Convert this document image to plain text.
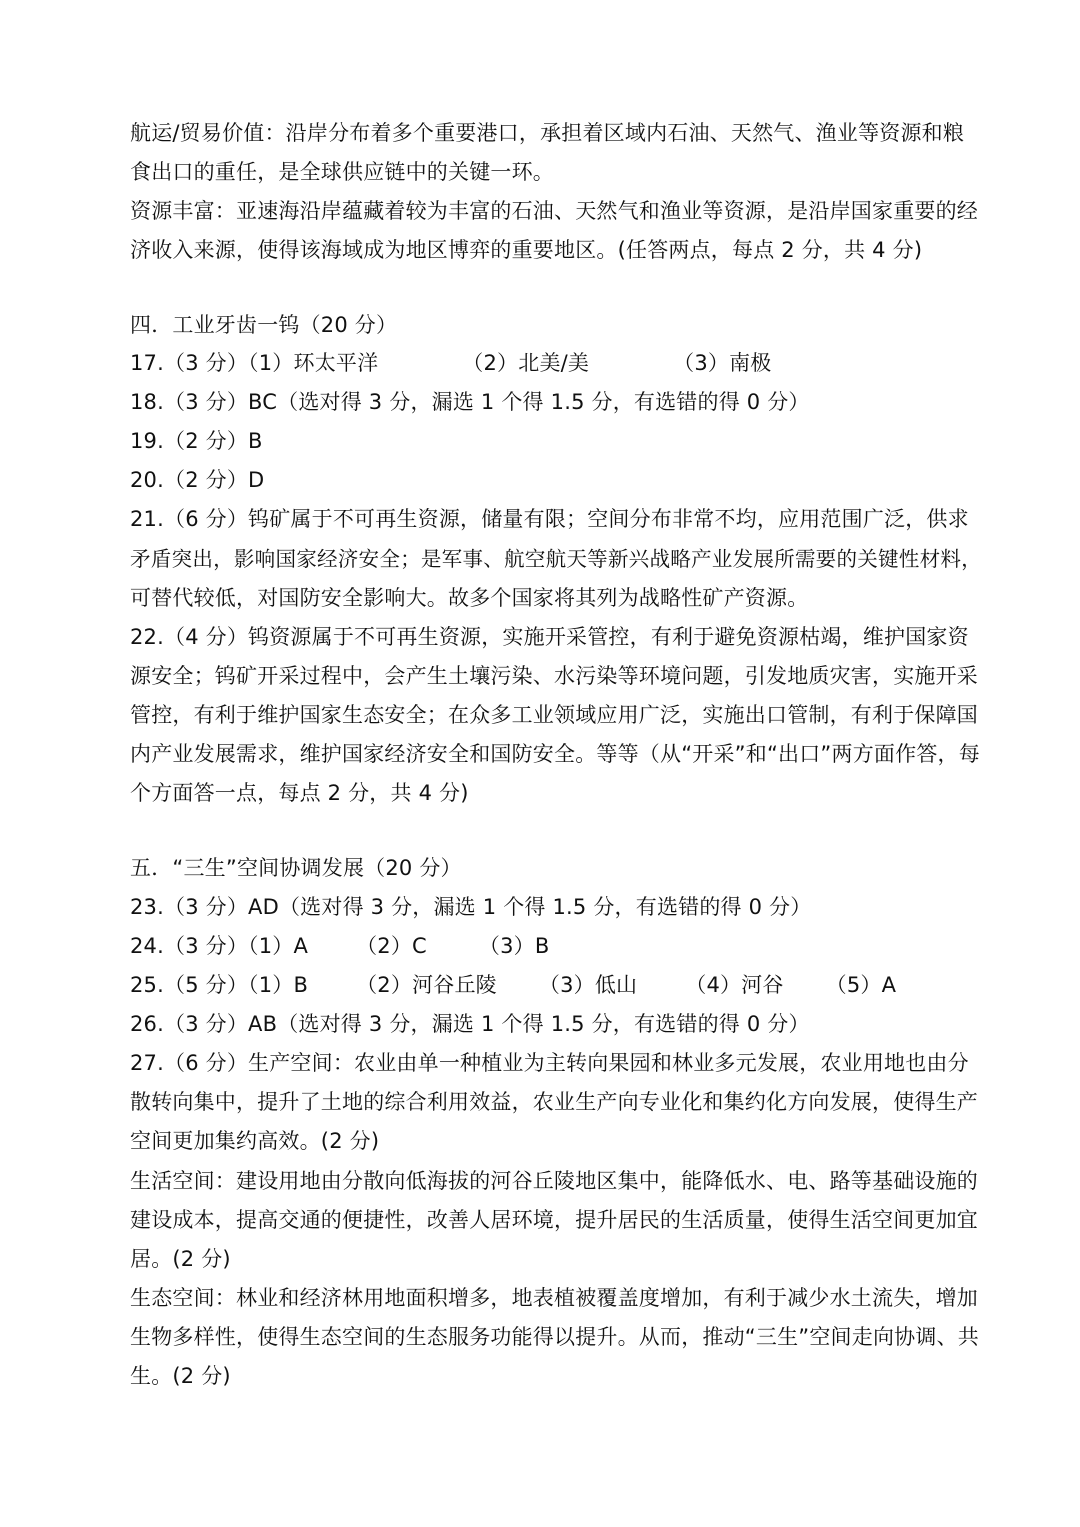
航运/贸易价值：沿岸分布着多个重要港口，承担着区域内石油、天然气、渔业等资源和粮
食出口的重任，是全球供应链中的关键一环。
资源丰富：亚速海沿岸蕴藏着较为丰富的石油、天然气和渔业等资源，是沿岸国家重要的经
济收入来源，使得该海域成为地区博弈的重要地区。(任答两点，每点 2 分，共 4 分)
四．工业牙齿一钨（20 分）
17.（3 分）（1）环太平洋	（2）北美/美	（3）南极
18.（3 分）BC（选对得 3 分，漏选 1 个得 1.5 分，有选错的得 0 分）
19.（2 分）B
20.（2 分）D
21.（6 分）钨矿属于不可再生资源，储量有限；空间分布非常不均，应用范围广泛，供求
矛盾突出，影响国家经济安全；是军事、航空航天等新兴战略产业发展所需要的关键性材料，
可替代较低，对国防安全影响大。故多个国家将其列为战略性矿产资源。
22.（4 分）钨资源属于不可再生资源，实施开采管控，有利于避免资源枯竭，维护国家资
源安全；钨矿开采过程中，会产生土壤污染、水污染等环境问题，引发地质灾害，实施开采
管控，有利于维护国家生态安全；在众多工业领域应用广泛，实施出口管制，有利于保障国
内产业发展需求，维护国家经济安全和国防安全。等等（从“开采”和“出口”两方面作答，每
个方面答一点，每点 2 分，共 4 分)
五．“三生”空间协调发展（20 分）
23.（3 分）AD（选对得 3 分，漏选 1 个得 1.5 分，有选错的得 0 分）
24.（3 分）（1）A （2）C （3）B
25.（5 分）（1）B （2）河谷丘陵 （3）低山 （4）河谷 （5）A
26.（3 分）AB（选对得 3 分，漏选 1 个得 1.5 分，有选错的得 0 分）
27.（6 分）生产空间：农业由单一种植业为主转向果园和林业多元发展，农业用地也由分
散转向集中，提升了土地的综合利用效益，农业生产向专业化和集约化方向发展，使得生产
空间更加集约高效。(2 分)
生活空间：建设用地由分散向低海拔的河谷丘陵地区集中，能降低水、电、路等基础设施的
建设成本，提高交通的便捷性，改善人居环境，提升居民的生活质量，使得生活空间更加宜
居。(2 分)
生态空间：林业和经济林用地面积增多，地表植被覆盖度增加，有利于减少水土流失，增加
生物多样性，使得生态空间的生态服务功能得以提升。从而，推动“三生”空间走向协调、共
生。(2 分)
